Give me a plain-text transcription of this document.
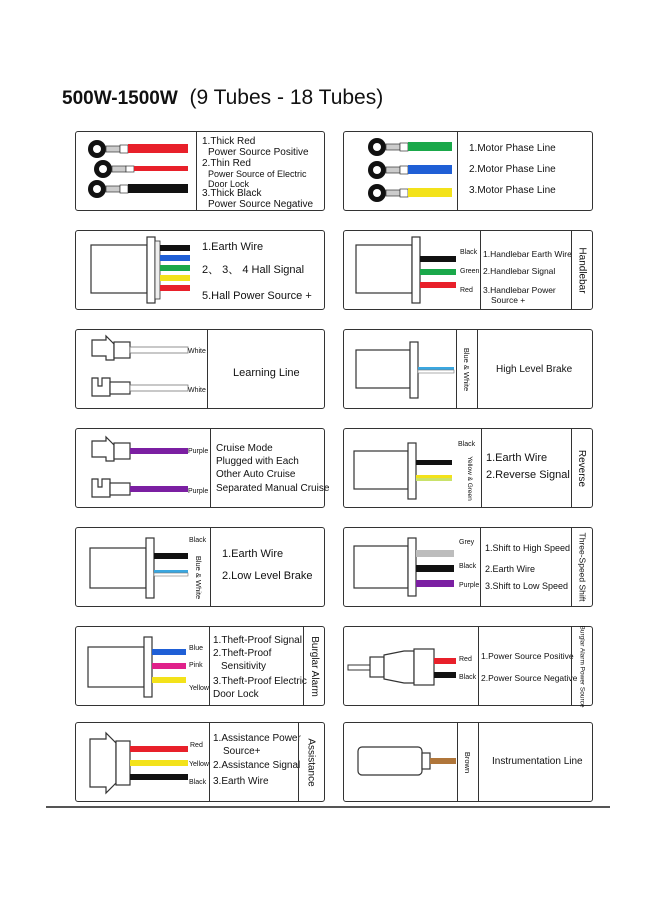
500W-1500W (9 Tubes - 18 Tubes)
1.Thick Red
Power Source Positive
2.Thin Red
Power Source of Electric
Door Lock
3.Thick Black
Power Source Negative
1.Motor Phase Line
2.Motor Phase Line
3.Motor Phase Line
1.Earth Wire
2、 3、 4 Hall Signal
5.Hall Power Source +
Black
Green
Red
1.Handlebar Earth Wire
2.Handlebar Signal
3.Handlebar Power
Source +
Handlebar
White
White
Learning Line	Blue & White High Level Brake
Purple
Purple
Cruise Mode
Plugged with Each
Other Auto Cruise
Separated Manual Cruise
Black
Yellow & Green 1.Earth Wire
2.Reverse Signal Reverse
Black
Blue & White
1.Earth Wire
2.Low Level Brake
Grey
Black
Purple
1.Shift to High Speed
2.Earth Wire
3.Shift to Low Speed Three-Speed Shift
Blue
Pink
Yellow
1.Theft-Proof Signal
2.Theft-Proof
Sensitivity
3.Theft-Proof Electric
Door Lock	Burglar Alarm	Red
Black
1.Power Source Positive
2.Power Source Negative Burglar Alarm Power Source
Red
Yellow
Black
1.Assistance Power
Source+
2.Assistance Signal
3.Earth Wire	Assistance	Brown Instrumentation Line
